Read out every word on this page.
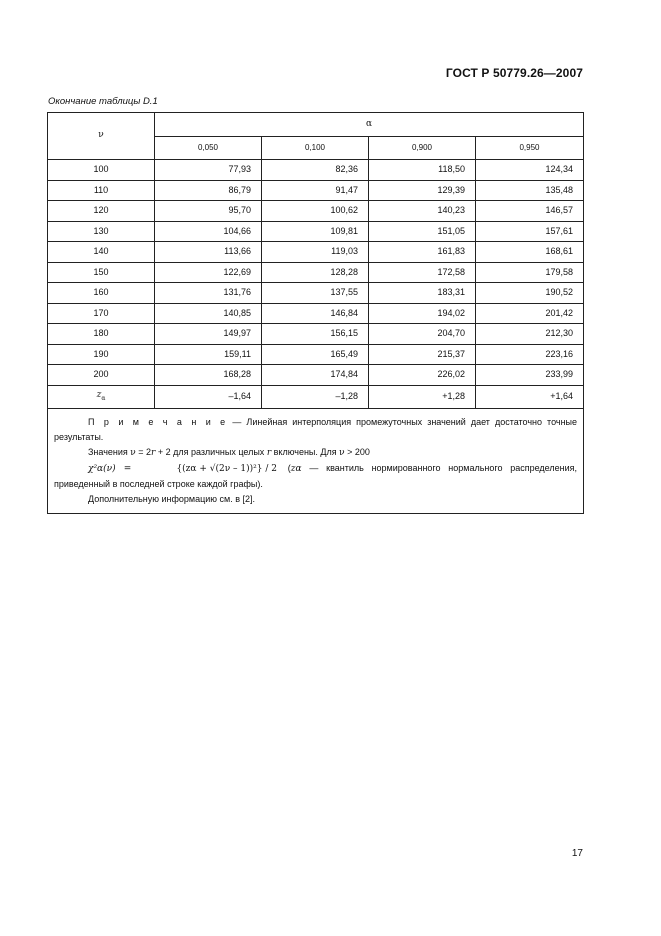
ГОСТ Р 50779.26—2007
Окончание таблицы D.1
ν	α			
	0,050	0,100	0,900	0,950
100	77,93	82,36	118,50	124,34
110	86,79	91,47	129,39	135,48
120	95,70	100,62	140,23	146,57
130	104,66	109,81	151,05	157,61
140	113,66	119,03	161,83	168,61
150	122,69	128,28	172,58	179,58
160	131,76	137,55	183,31	190,52
170	140,85	146,84	194,02	201,42
180	149,97	156,15	204,70	212,30
190	159,11	165,49	215,37	223,16
200	168,28	174,84	226,02	233,99
$z_\alpha$	–1,64	–1,28	+1,28	+1,64

П р и м е ч а н и е — Линейная интерполяция промежуточных значений дает достаточно точные результаты.

Значения ν = 2r + 2 для различных целых r включены. Для ν > 200

χ²α(ν) = {(zα + √(2ν – 1))²} / 2 (zα — квантиль нормированного нормального распределения, приведенный в последней строке каждой графы).

Дополнительную информацию см. в [2].				

17
